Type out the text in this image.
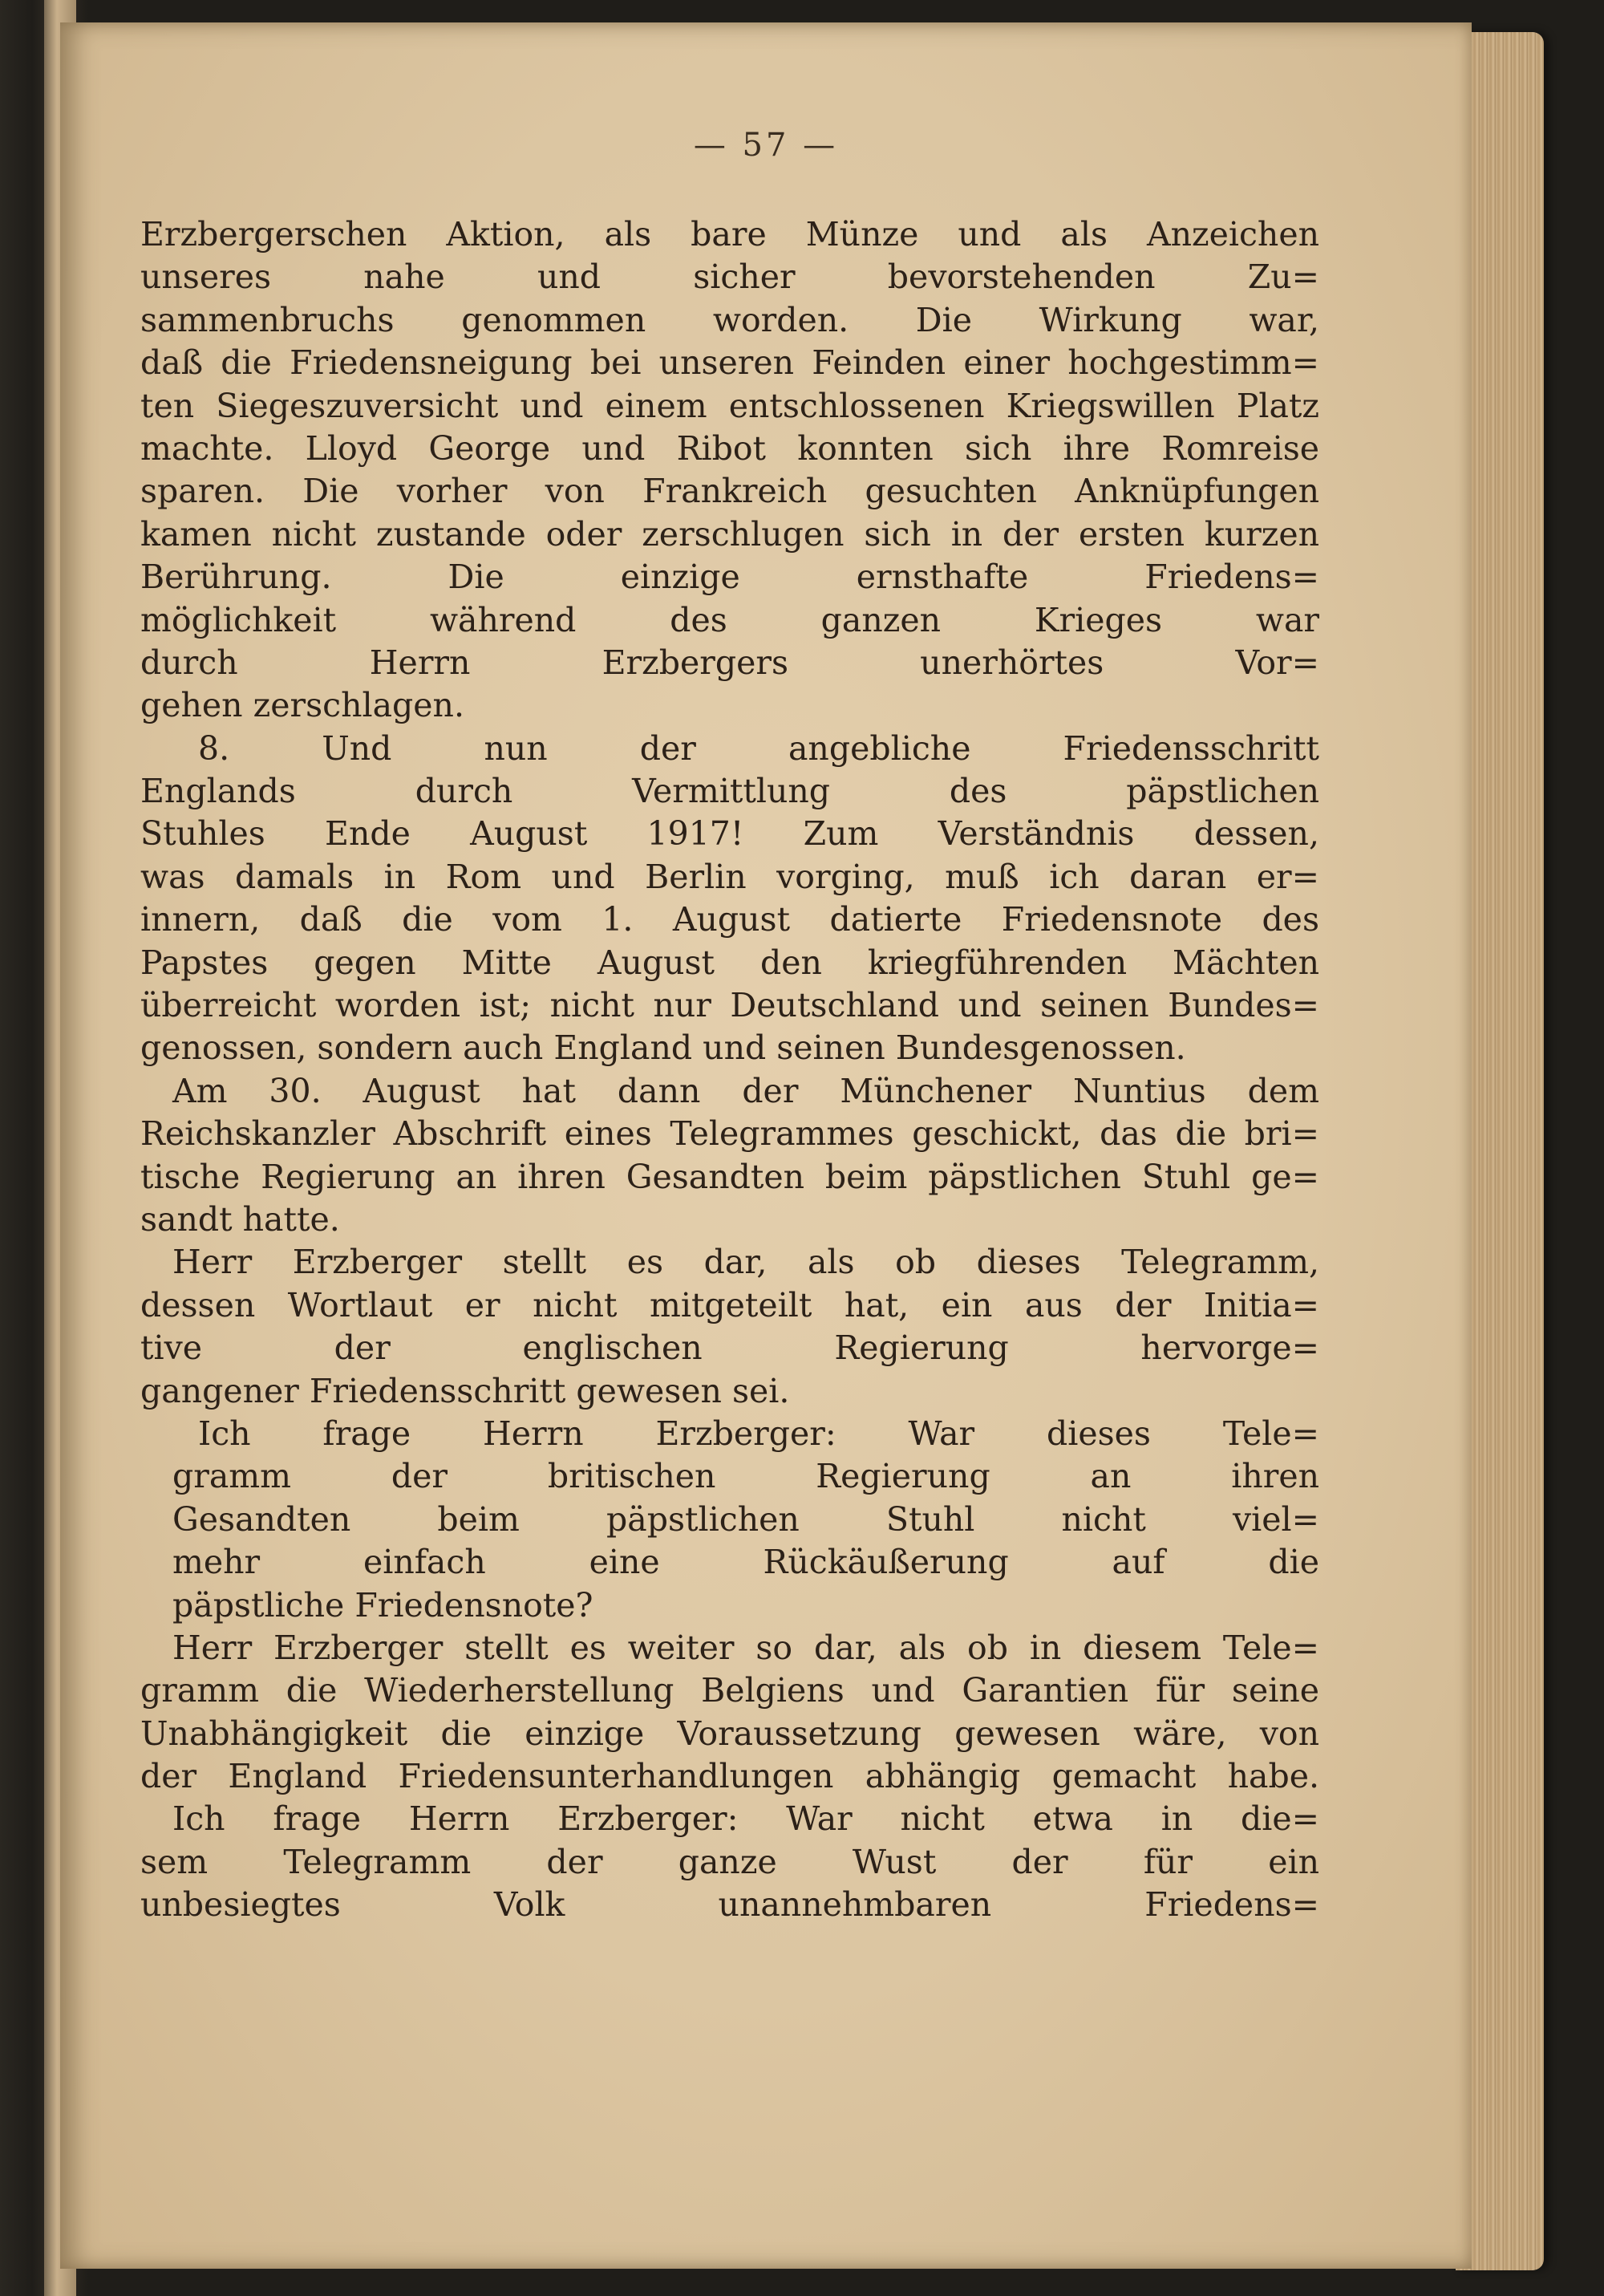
— 57 —
Erzbergerschen Aktion, als bare Münze und als Anzeichen
unseres nahe und sicher bevorstehenden Zu=
sammenbruchs genommen worden. Die Wirkung war,
daß die Friedensneigung bei unseren Feinden einer hochgestimm=
ten Siegeszuversicht und einem entschlossenen Kriegswillen Platz
machte. Lloyd George und Ribot konnten sich ihre Romreise
sparen. Die vorher von Frankreich gesuchten Anknüpfungen
kamen nicht zustande oder zerschlugen sich in der ersten kurzen
Berührung. Die einzige ernsthafte Friedens=
möglichkeit während des ganzen Krieges war
durch Herrn Erzbergers unerhörtes Vor=
gehen zerschlagen.
8. Und nun der angebliche Friedensschritt
Englands durch Vermittlung des päpstlichen
Stuhles Ende August 1917! Zum Verständnis dessen,
was damals in Rom und Berlin vorging, muß ich daran er=
innern, daß die vom 1. August datierte Friedensnote des
Papstes gegen Mitte August den kriegführenden Mächten
überreicht worden ist; nicht nur Deutschland und seinen Bundes=
genossen, sondern auch England und seinen Bundesgenossen.
Am 30. August hat dann der Münchener Nuntius dem
Reichskanzler Abschrift eines Telegrammes geschickt, das die bri=
tische Regierung an ihren Gesandten beim päpstlichen Stuhl ge=
sandt hatte.
Herr Erzberger stellt es dar, als ob dieses Telegramm,
dessen Wortlaut er nicht mitgeteilt hat, ein aus der Initia=
tive der englischen Regierung hervorge=
gangener Friedensschritt gewesen sei.
Ich frage Herrn Erzberger: War dieses Tele=
gramm der britischen Regierung an ihren
Gesandten beim päpstlichen Stuhl nicht viel=
mehr einfach eine Rückäußerung auf die
päpstliche Friedensnote?
Herr Erzberger stellt es weiter so dar, als ob in diesem Tele=
gramm die Wiederherstellung Belgiens und Garantien für seine
Unabhängigkeit die einzige Voraussetzung gewesen wäre, von
der England Friedensunterhandlungen abhängig gemacht habe.
Ich frage Herrn Erzberger: War nicht etwa in die=
sem Telegramm der ganze Wust der für ein
unbesiegtes Volk unannehmbaren Friedens=
